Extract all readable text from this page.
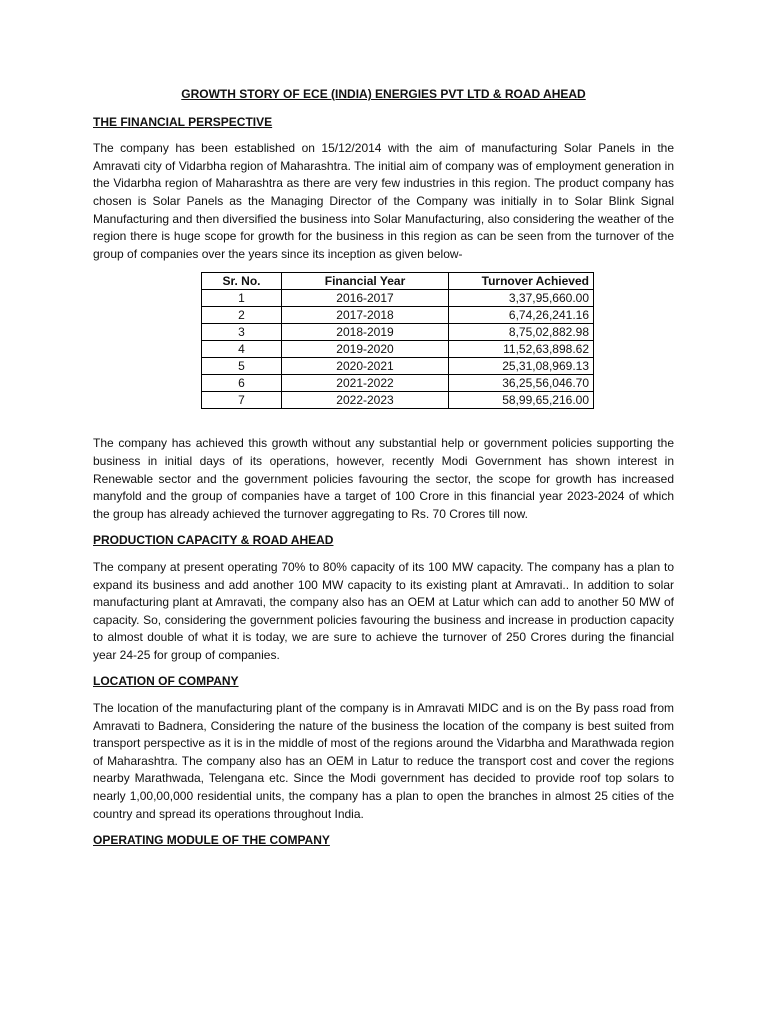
GROWTH STORY OF ECE (INDIA) ENERGIES PVT LTD & ROAD AHEAD
THE FINANCIAL PERSPECTIVE
The company has been established on 15/12/2014 with the aim of manufacturing Solar Panels in the Amravati city of Vidarbha region of Maharashtra. The initial aim of company was of employment generation in the Vidarbha region of Maharashtra as there are very few industries in this region. The product company has chosen is Solar Panels as the Managing Director of the Company was initially in to Solar Blink Signal Manufacturing and then diversified the business into Solar Manufacturing, also considering the weather of the region there is huge scope for growth for the business in this region as can be seen from the turnover of the group of companies over the years since its inception as given below-
Sr. No.	Financial Year	Turnover Achieved
1	2016-2017	3,37,95,660.00
2	2017-2018	6,74,26,241.16
3	2018-2019	8,75,02,882.98
4	2019-2020	11,52,63,898.62
5	2020-2021	25,31,08,969.13
6	2021-2022	36,25,56,046.70
7	2022-2023	58,99,65,216.00
The company has achieved this growth without any substantial help or government policies supporting the business in initial days of its operations, however, recently Modi Government has shown interest in Renewable sector and the government policies favouring the sector, the scope for growth has increased manyfold and the group of companies have a target of 100 Crore in this financial year 2023-2024 of which the group has already achieved the turnover aggregating to Rs. 70 Crores till now.
PRODUCTION CAPACITY & ROAD AHEAD
The company at present operating 70% to 80% capacity of its 100 MW capacity. The company has a plan to expand its business and add another 100 MW capacity to its existing plant at Amravati.. In addition to solar manufacturing plant at Amravati, the company also has an OEM at Latur which can add to another 50 MW of capacity. So, considering the government policies favouring the business and increase in production capacity to almost double of what it is today, we are sure to achieve the turnover of 250 Crores during the financial year 24-25 for group of companies.
LOCATION OF COMPANY
The location of the manufacturing plant of the company is in Amravati MIDC and is on the By pass road from Amravati to Badnera, Considering the nature of the business the location of the company is best suited from transport perspective as it is in the middle of most of the regions around the Vidarbha and Marathwada region of Maharashtra. The company also has an OEM in Latur to reduce the transport cost and cover the regions nearby Marathwada, Telengana etc. Since the Modi government has decided to provide roof top solars to nearly 1,00,00,000 residential units, the company has a plan to open the branches in almost 25 cities of the country and spread its operations throughout India.
OPERATING MODULE OF THE COMPANY
